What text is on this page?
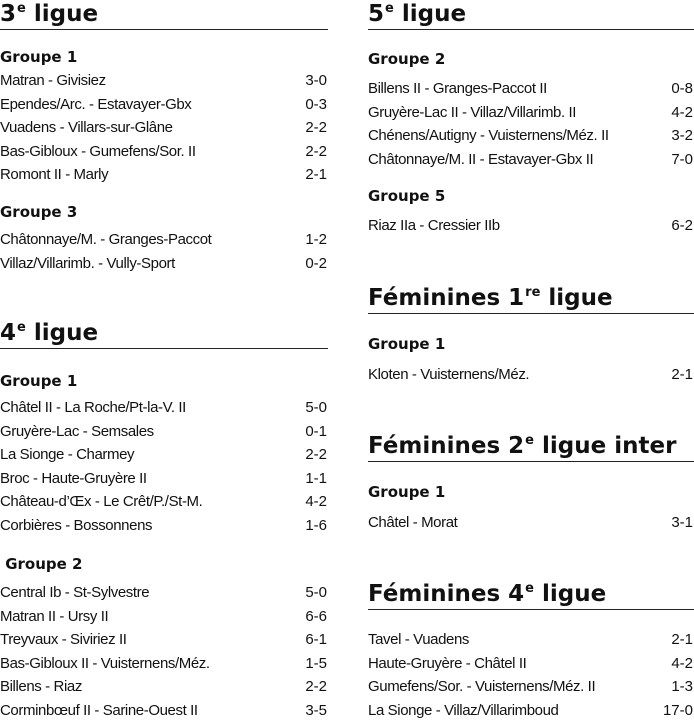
3e ligue
Groupe 1
Matran - Givisiez	3-0
Ependes/Arc. - Estavayer-Gbx	0-3
Vuadens - Villars-sur-Glâne	2-2
Bas-Gibloux - Gumefens/Sor. II	2-2
Romont II - Marly	2-1
Groupe 3
Châtonnaye/M. - Granges-Paccot	1-2
Villaz/Villarimb. - Vully-Sport	0-2
4e ligue
Groupe 1
Châtel II - La Roche/Pt-la-V. II	5-0
Gruyère-Lac - Semsales	0-1
La Sionge - Charmey	2-2
Broc - Haute-Gruyère II	1-1
Château-d’Œx - Le Crêt/P./St-M.	4-2
Corbières - Bossonnens	1-6
Groupe 2
Central Ib - St-Sylvestre	5-0
Matran II - Ursy II	6-6
Treyvaux - Siviriez II	6-1
Bas-Gibloux II - Vuisternens/Méz.	1-5
Billens - Riaz	2-2
Corminbœuf II - Sarine-Ouest II	3-5
5e ligue
Groupe 2
Billens II - Granges-Paccot II	0-8
Gruyère-Lac II - Villaz/Villarimb. II	4-2
Chénens/Autigny - Vuisternens/Méz. II	3-2
Châtonnaye/M. II - Estavayer-Gbx II	7-0
Groupe 5
Riaz IIa - Cressier IIb	6-2
Féminines 1re ligue
Groupe 1
Kloten - Vuisternens/Méz.	2-1
Féminines 2e ligue inter
Groupe 1
Châtel - Morat	3-1
Féminines 4e ligue
Tavel - Vuadens	2-1
Haute-Gruyère - Châtel II	4-2
Gumefens/Sor. - Vuisternens/Méz. II	1-3
La Sionge - Villaz/Villarimboud	17-0
